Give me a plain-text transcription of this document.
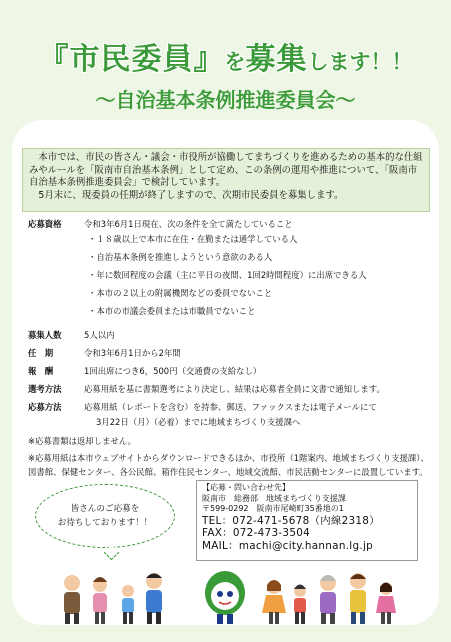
『市民委員』を募集します！！
～自治基本条例推進委員会～

本市では、市民の皆さん・議会・市役所が協働してまちづくりを進めるための基本的な仕組みやルールを「阪南市自治基本条例」として定め、この条例の運用や推進について、「阪南市自治基本条例推進委員会」で検討しています。

5月末に、現委員の任期が終了しますので、次期市民委員を募集します。

応募資格	令和3年6月1日現在、次の条件を全て満たしていること
・１８歳以上で本市に在住・在勤または通学している人
・自治基本条例を推進しようという意欲のある人
・年に数回程度の会議（主に平日の夜間、1回2時間程度）に出席できる人
・本市の２以上の附属機関などの委員でないこと
・本市の市議会委員または市職員でないこと
募集人数	5人以内
任　期	令和3年6月1日から2年間
報　酬	1回出席につき6，500円（交通費の支給なし）
選考方法	応募用紙を基に書類選考により決定し、結果は応募者全員に文書で通知します。
応募方法	応募用紙（レポートを含む）を持参、郵送、ファックスまたは電子メールにて
3月22日（月）（必着）までに地域まちづくり支援課へ
※応募書類は返却しません。
※応募用紙は本市ウェブサイトからダウンロードできるほか、市役所（1階案内、地域まちづくり支援課）、図書館、保健センター、各公民館、箱作住民センター、地域交流館、市民活動センターに設置しています。
皆さんのご応募を
お待ちしております！！
【応募・問い合わせ先】
阪南市　総務部　地域まちづくり支援課
〒599-0292　阪南市尾崎町35番地の1
TEL：072-471-5678（内線2318）
FAX：072-473-3504
MAIL：machi@city.hannan.lg.jp
